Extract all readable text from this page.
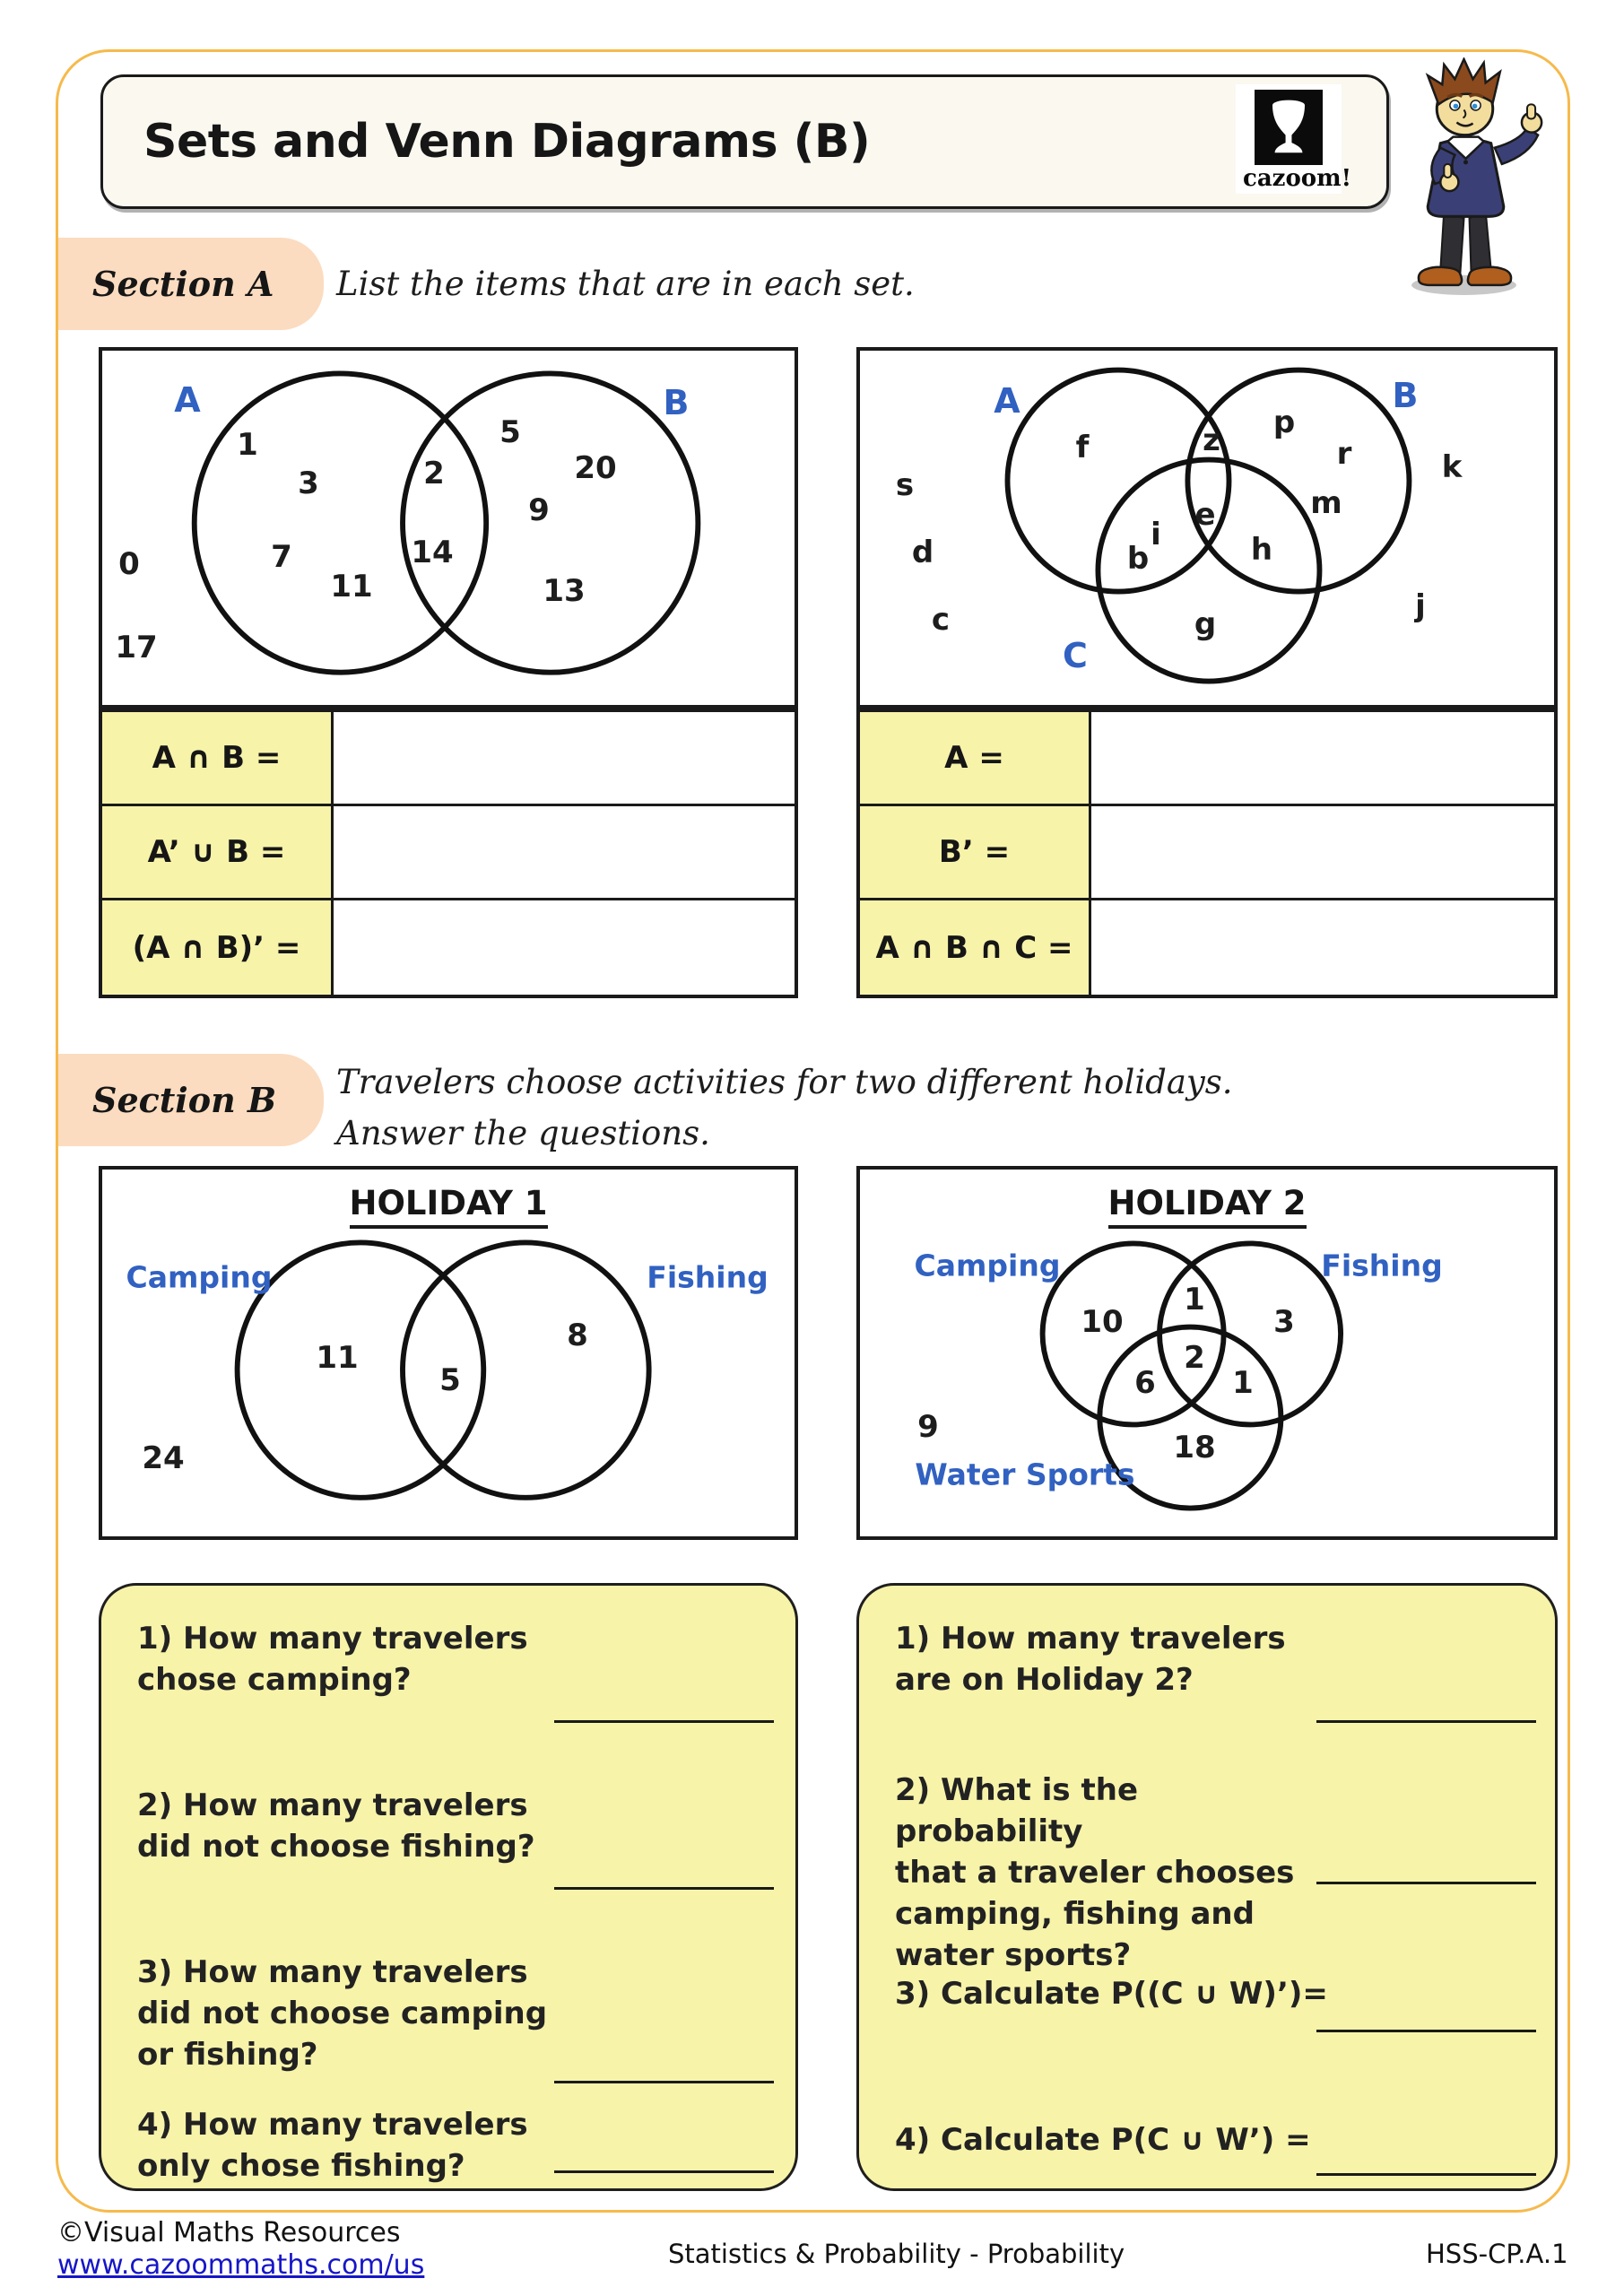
Sets and Venn Diagrams (B)
cazoom!
Section A	List the items that are in each set.
A	B
1
3
7
11
2
14
5
20
9
13
0
17
A ∩ B =
A’ ∪ B =
(A ∩ B)’ =
A	B
C
f	z p
r
m
b
i
e
h
g
s
d
c
k
j
A =
B’ =
A ∩ B ∩ C =
Section B	Travelers choose activities for two different holidays.
Answer the questions.
HOLIDAY 1
Camping	Fishing
11
5
8
24
HOLIDAY 2
Camping	Fishing
Water Sports
10
1
3
2
6	1
18
9
1) How many travelers
chose camping?
2) How many travelers
did not choose fishing?
3) How many travelers
did not choose camping
or fishing?
4) How many travelers
only chose fishing?
1) How many travelers
are on Holiday 2?
2) What is the probability
that a traveler chooses
camping, fishing and
water sports?
3) Calculate P((C ∪ W)’)=
4) Calculate P(C ∪ W’) =
©Visual Maths Resources
www.cazoommaths.com/us	Statistics & Probability - Probability	HSS-CP.A.1
